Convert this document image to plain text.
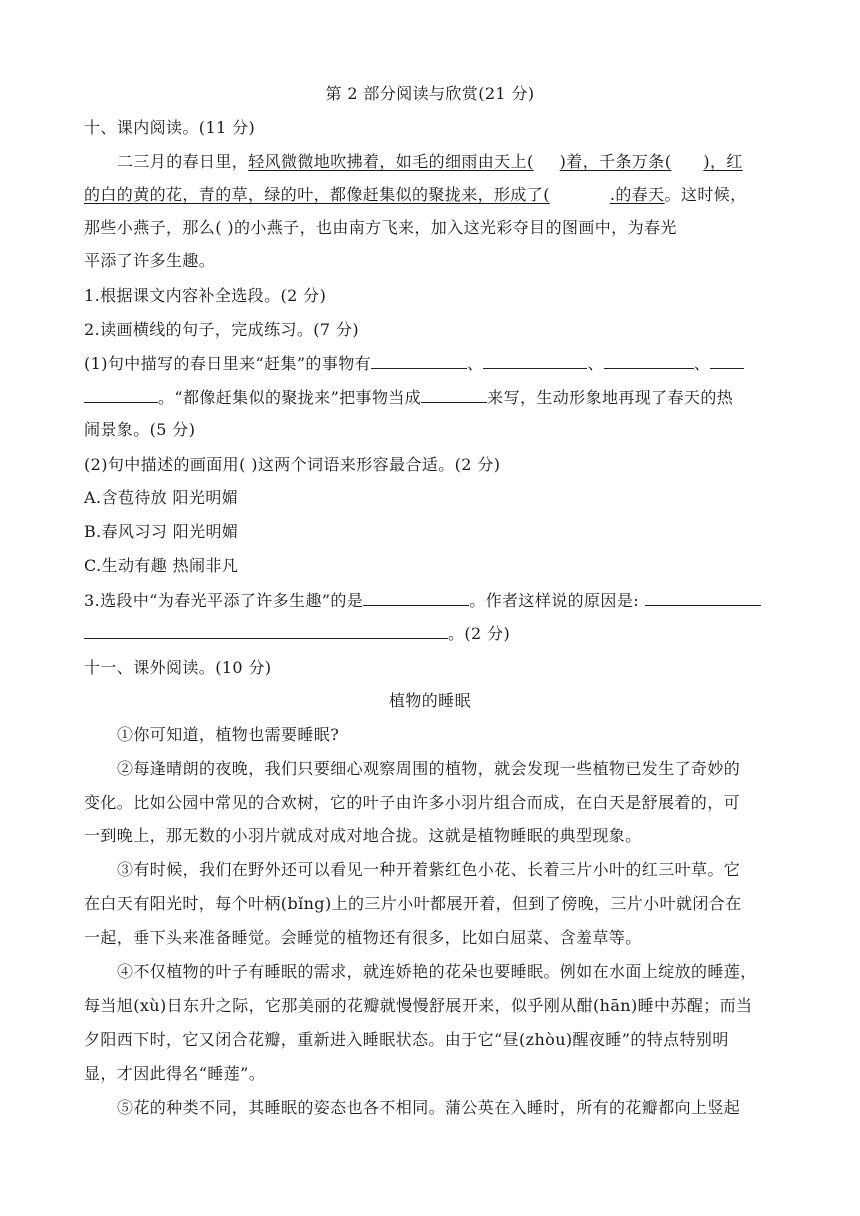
第 2 部分阅读与欣赏(21 分)
十、课内阅读。(11 分)
二三月的春日里，轻风微微地吹拂着，如毛的细雨由天上( )着，千条万条( )，红
的白的黄的花，青的草，绿的叶，都像赶集似的聚拢来，形成了(	.的春天。这时候，
那些小燕子，那么( )的小燕子，也由南方飞来，加入这光彩夺目的图画中，为春光
平添了许多生趣。
1.根据课文内容补全选段。(2 分)
2.读画横线的句子，完成练习。(7 分)
(1)句中描写的春日里来“赶集”的事物有	、	、	、
。“都像赶集似的聚拢来”把事物当成	来写，生动形象地再现了春天的热
闹景象。(5 分)
(2)句中描述的画面用( )这两个词语来形容最合适。(2 分)
A.含苞待放 阳光明媚
B.春风习习 阳光明媚
C.生动有趣 热闹非凡
3.选段中“为春光平添了许多生趣”的是	。作者这样说的原因是:
。(2 分)
十一、课外阅读。(10 分)
植物的睡眠
①你可知道，植物也需要睡眠?
②每逢晴朗的夜晚，我们只要细心观察周围的植物，就会发现一些植物已发生了奇妙的
变化。比如公园中常见的合欢树，它的叶子由许多小羽片组合而成，在白天是舒展着的，可
一到晚上，那无数的小羽片就成对成对地合拢。这就是植物睡眠的典型现象。
③有时候，我们在野外还可以看见一种开着紫红色小花、长着三片小叶的红三叶草。它
在白天有阳光时，每个叶柄(bǐng)上的三片小叶都展开着，但到了傍晚，三片小叶就闭合在
一起，垂下头来准备睡觉。会睡觉的植物还有很多，比如白屈菜、含羞草等。
④不仅植物的叶子有睡眠的需求，就连娇艳的花朵也要睡眠。例如在水面上绽放的睡莲，
每当旭(xù)日东升之际，它那美丽的花瓣就慢慢舒展开来，似乎刚从酣(hān)睡中苏醒；而当
夕阳西下时，它又闭合花瓣，重新进入睡眠状态。由于它“昼(zhòu)醒夜睡”的特点特别明
显，才因此得名“睡莲”。
⑤花的种类不同，其睡眠的姿态也各不相同。蒲公英在入睡时，所有的花瓣都向上竖起
